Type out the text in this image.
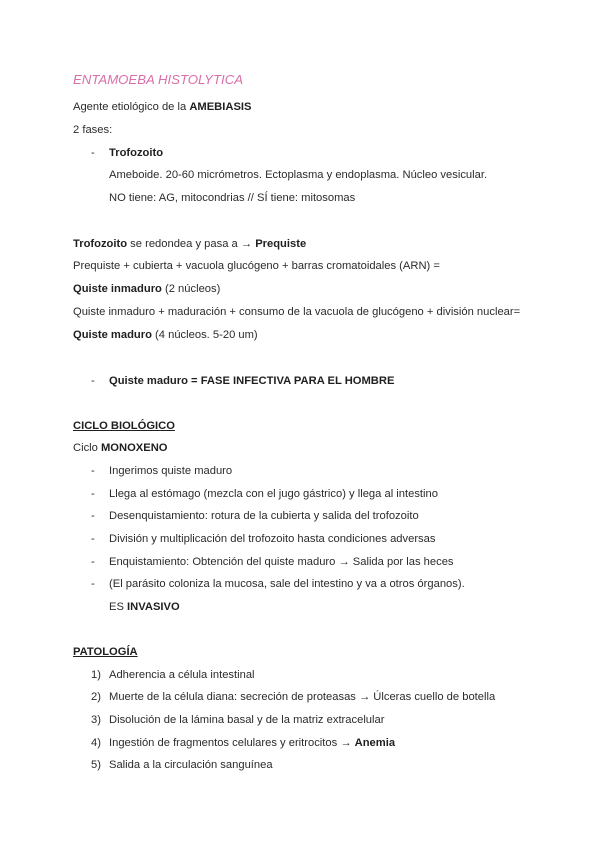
ENTAMOEBA HISTOLYTICA
Agente etiológico de la AMEBIASIS
2 fases:
- Trofozoito
Ameboide. 20-60 micrómetros. Ectoplasma y endoplasma. Núcleo vesicular.
NO tiene: AG, mitocondrias // SÍ tiene: mitosomas
Trofozoito se redondea y pasa a → Prequiste
Prequiste + cubierta + vacuola glucógeno + barras cromatoidales (ARN) =
Quiste inmaduro (2 núcleos)
Quiste inmaduro + maduración + consumo de la vacuola de glucógeno + división nuclear=
Quiste maduro (4 núcleos. 5-20 um)
- Quiste maduro = FASE INFECTIVA PARA EL HOMBRE
CICLO BIOLÓGICO
Ciclo MONOXENO
- Ingerimos quiste maduro
- Llega al estómago (mezcla con el jugo gástrico) y llega al intestino
- Desenquistamiento: rotura de la cubierta y salida del trofozoito
- División y multiplicación del trofozoito hasta condiciones adversas
- Enquistamiento: Obtención del quiste maduro → Salida por las heces
- (El parásito coloniza la mucosa, sale del intestino y va a otros órganos).
ES INVASIVO
PATOLOGÍA
1) Adherencia a célula intestinal
2) Muerte de la célula diana: secreción de proteasas → Úlceras cuello de botella
3) Disolución de la lámina basal y de la matriz extracelular
4) Ingestión de fragmentos celulares y eritrocitos → Anemia
5) Salida a la circulación sanguínea
